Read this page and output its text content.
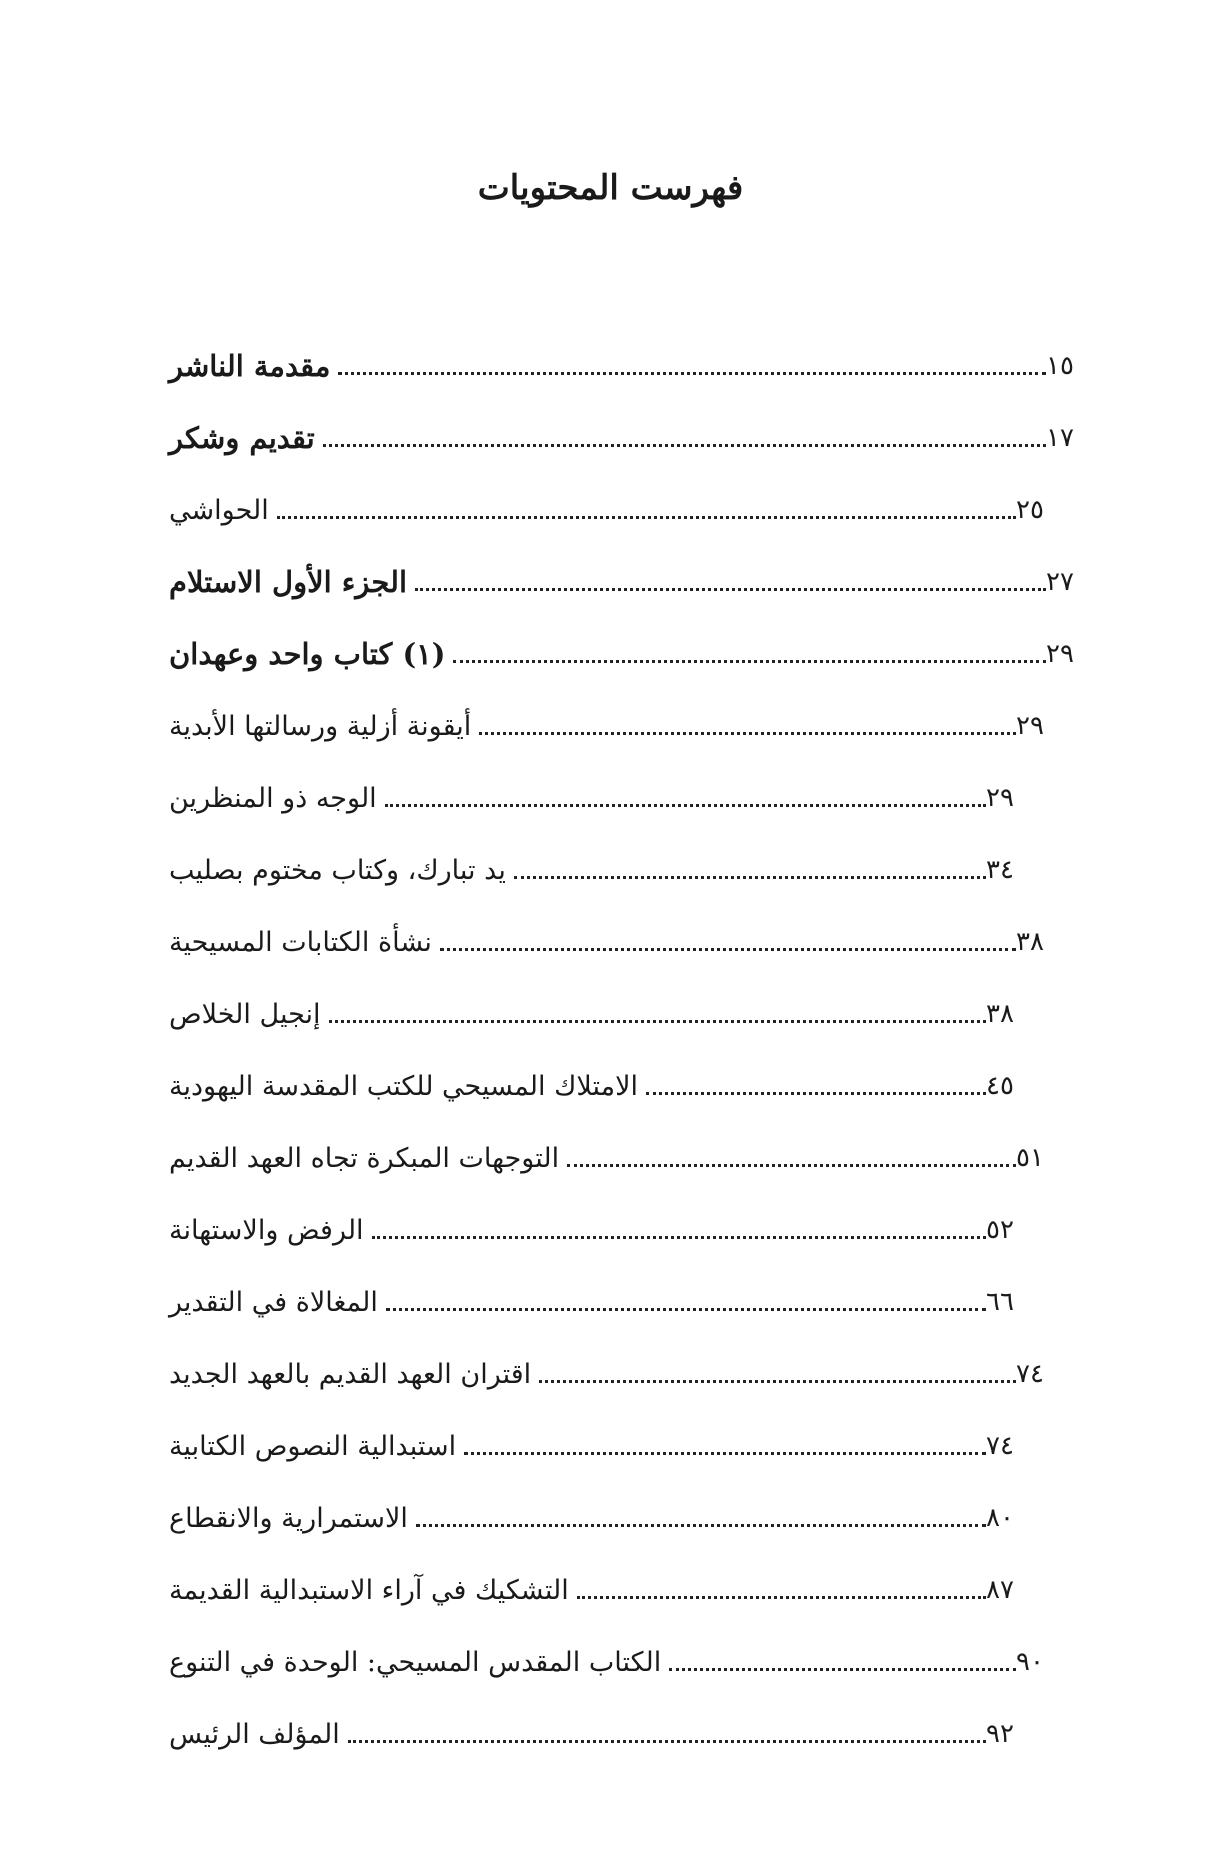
فهرست المحتويات
مقدمة الناشر	١٥
تقديم وشكر	١٧
الحواشي	٢٥
الجزء الأول الاستلام	٢٧
(١) كتاب واحد وعهدان	٢٩
أيقونة أزلية ورسالتها الأبدية	٢٩
الوجه ذو المنظرين	٢٩
يد تبارك، وكتاب مختوم بصليب	٣٤
نشأة الكتابات المسيحية	٣٨
إنجيل الخلاص	٣٨
الامتلاك المسيحي للكتب المقدسة اليهودية	٤٥
التوجهات المبكرة تجاه العهد القديم	٥١
الرفض والاستهانة	٥٢
المغالاة في التقدير	٦٦
اقتران العهد القديم بالعهد الجديد	٧٤
استبدالية النصوص الكتابية	٧٤
الاستمرارية والانقطاع	٨٠
التشكيك في آراء الاستبدالية القديمة	٨٧
الكتاب المقدس المسيحي: الوحدة في التنوع	٩٠
المؤلف الرئيس	٩٢
